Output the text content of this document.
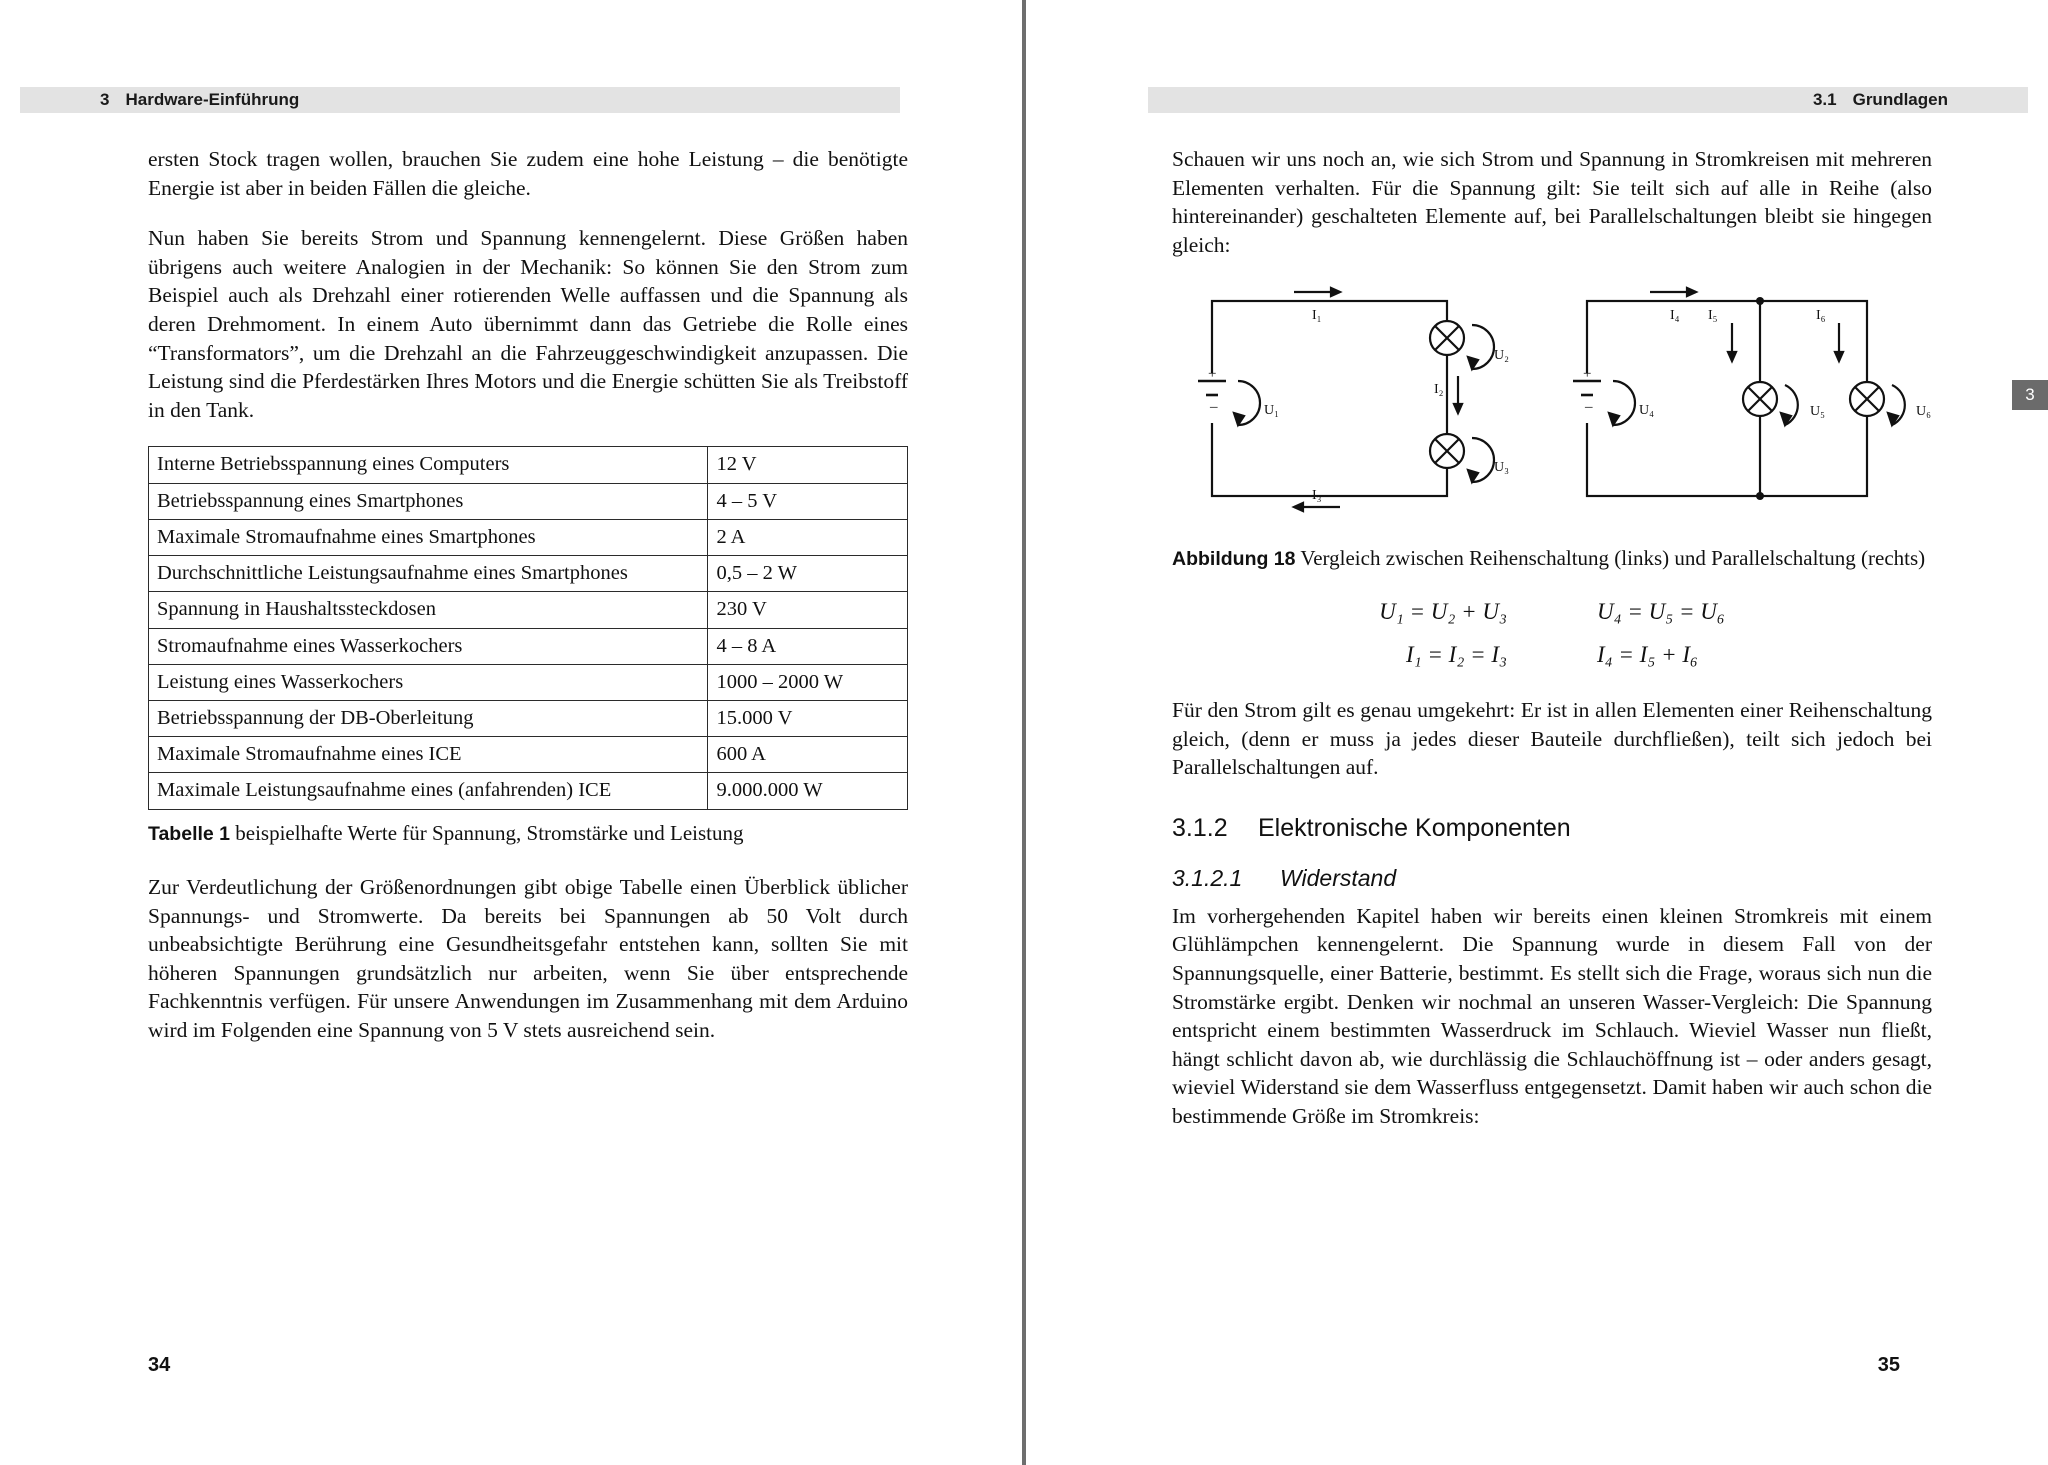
3 Hardware-Einführung

ersten Stock tragen wollen, brauchen Sie zudem eine hohe Leistung – die benötigte Energie ist aber in beiden Fällen die gleiche.

Nun haben Sie bereits Strom und Spannung kennengelernt. Diese Größen haben übrigens auch weitere Analogien in der Mechanik: So können Sie den Strom zum Beispiel auch als Drehzahl einer rotierenden Welle auffassen und die Spannung als deren Drehmoment. In einem Auto übernimmt dann das Getriebe die Rolle eines “Transformators”, um die Drehzahl an die Fahrzeuggeschwindigkeit anzupassen. Die Leistung sind die Pferdestärken Ihres Motors und die Energie schütten Sie als Treibstoff in den Tank.

Interne Betriebsspannung eines Computers	12 V
Betriebsspannung eines Smartphones	4 – 5 V
Maximale Stromaufnahme eines Smartphones	2 A
Durchschnittliche Leistungsaufnahme eines Smartphones	0,5 – 2 W
Spannung in Haushaltssteckdosen	230 V
Stromaufnahme eines Wasserkochers	4 – 8 A
Leistung eines Wasserkochers	1000 – 2000 W
Betriebsspannung der DB-Oberleitung	15.000 V
Maximale Stromaufnahme eines ICE	600 A
Maximale Leistungsaufnahme eines (anfahrenden) ICE	9.000.000 W
Tabelle 1 beispielhafte Werte für Spannung, Stromstärke und Leistung

Zur Verdeutlichung der Größenordnungen gibt obige Tabelle einen Überblick üblicher Spannungs- und Stromwerte. Da bereits bei Spannungen ab 50 Volt durch unbeabsichtigte Berührung eine Gesundheitsgefahr entstehen kann, sollten Sie mit höheren Spannungen grundsätzlich nur arbeiten, wenn Sie über entsprechende Fachkenntnis verfügen. Für unsere Anwendungen im Zusammenhang mit dem Arduino wird im Folgenden eine Spannung von 5 V stets ausreichend sein.

34
3.1 Grundlagen
3

Schauen wir uns noch an, wie sich Strom und Spannung in Stromkreisen mit mehreren Elementen verhalten. Für die Spannung gilt: Sie teilt sich auf alle in Reihe (also hintereinander) geschalteten Elemente auf, bei Parallelschaltungen bleibt sie hingegen gleich:

I₁
I₂
I₃
U₁
U₂
U₃
I₄ I₅	I₆
U₄	U₅	U₆
+
–
+
–
Abbildung 18 Vergleich zwischen Reihenschaltung (links) und Parallelschaltung (rechts)
U₁ = U₂ + U₃	U₄ = U₅ = U₆
I₁ = I₂ = I₃	I₄ = I₅ + I₆

Für den Strom gilt es genau umgekehrt: Er ist in allen Elementen einer Reihenschaltung gleich, (denn er muss ja jedes dieser Bauteile durchfließen), teilt sich jedoch bei Parallelschaltungen auf.

3.1.2 Elektronische Komponenten
3.1.2.1 Widerstand

Im vorhergehenden Kapitel haben wir bereits einen kleinen Stromkreis mit einem Glühlämpchen kennengelernt. Die Spannung wurde in diesem Fall von der Spannungsquelle, einer Batterie, bestimmt. Es stellt sich die Frage, woraus sich nun die Stromstärke ergibt. Denken wir nochmal an unseren Wasser-Vergleich: Die Spannung entspricht einem bestimmten Wasserdruck im Schlauch. Wieviel Wasser nun fließt, hängt schlicht davon ab, wie durchlässig die Schlauchöffnung ist – oder anders gesagt, wieviel Widerstand sie dem Wasserfluss entgegensetzt. Damit haben wir auch schon die bestimmende Größe im Stromkreis:

35
